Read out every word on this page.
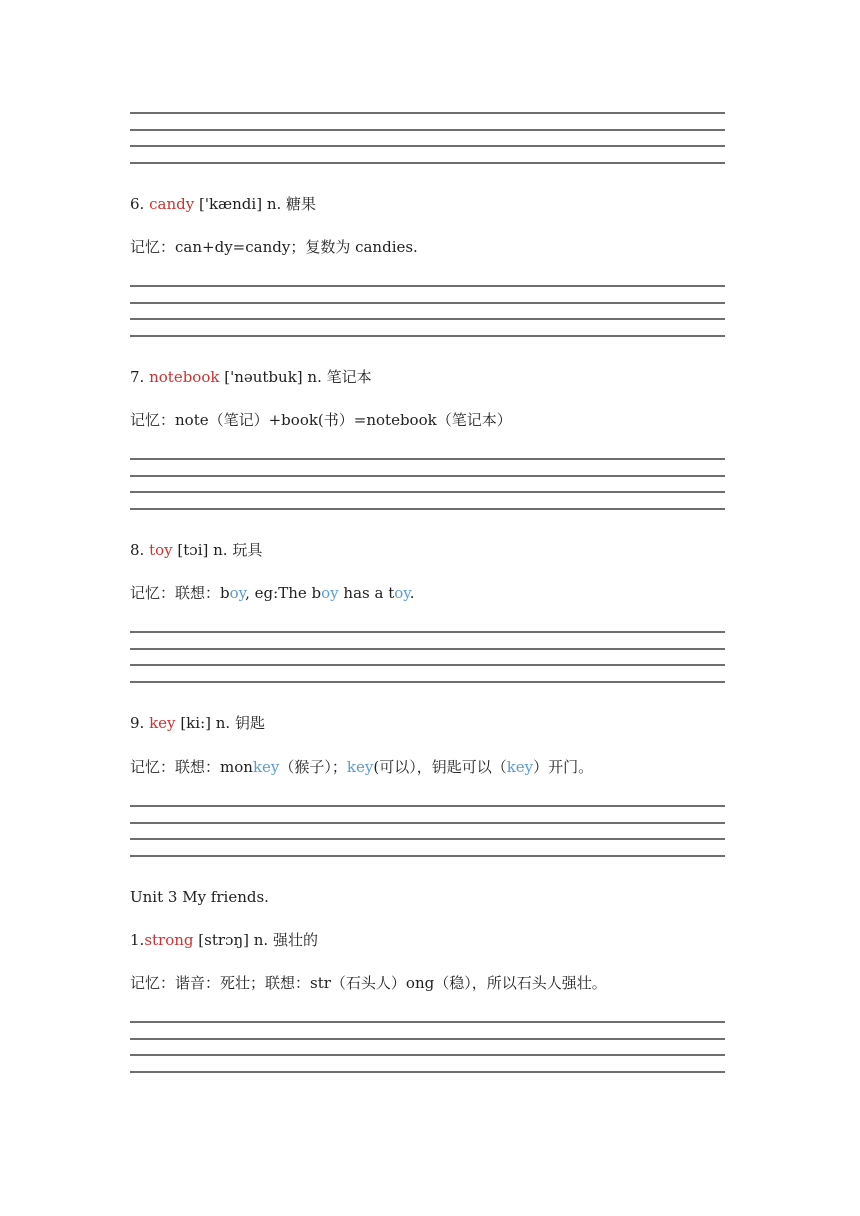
6. candy ['kændi] n. 糖果
记忆：can+dy=candy；复数为 candies.
7. notebook ['nəutbuk] n. 笔记本
记忆：note（笔记）+book(书）=notebook（笔记本）
8. toy [tɔi] n. 玩具
记忆：联想：boy, eg:The boy has a toy.
9. key [ki:] n. 钥匙
记忆：联想：monkey（猴子）；key(可以），钥匙可以（key）开门。
Unit 3 My friends.
1.strong [strɔŋ] n. 强壮的
记忆：谐音：死壮；联想：str（石头人）ong（稳），所以石头人强壮。
